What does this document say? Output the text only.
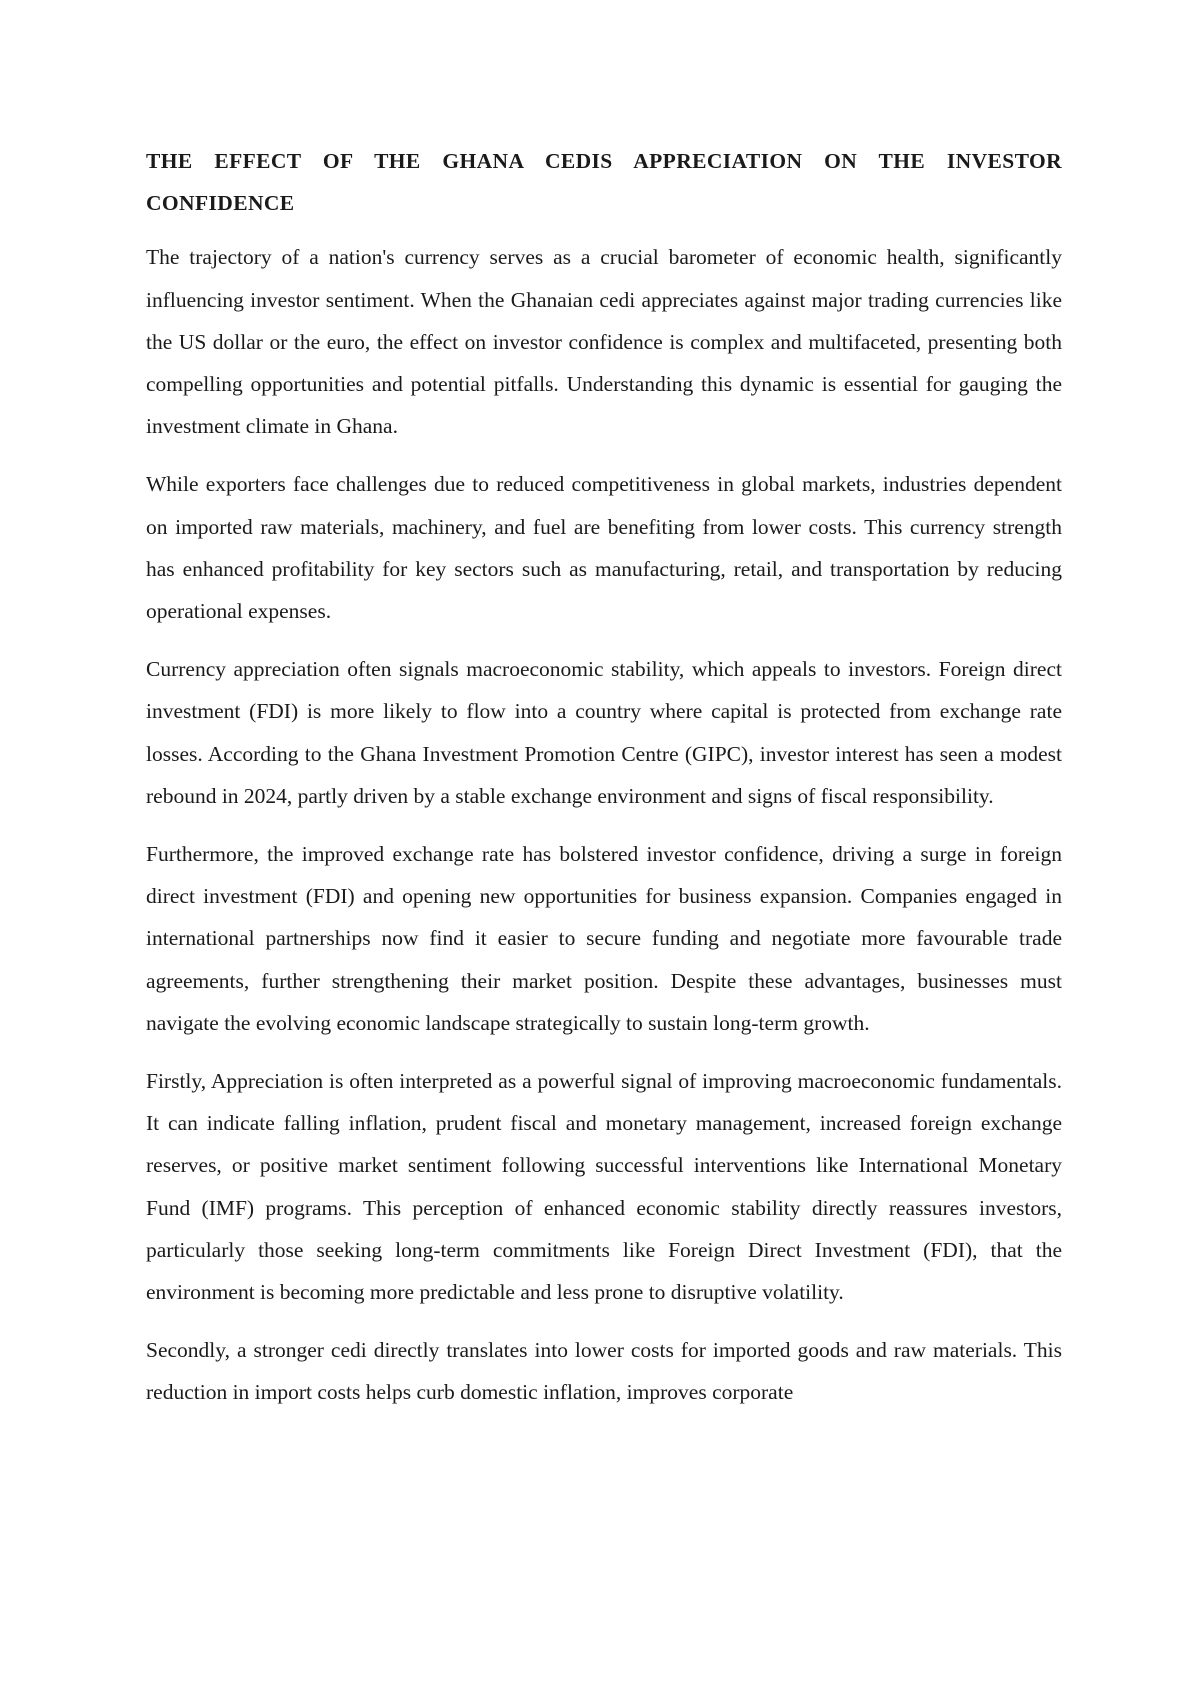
THE EFFECT OF THE GHANA CEDIS APPRECIATION ON THE INVESTOR CONFIDENCE

The trajectory of a nation's currency serves as a crucial barometer of economic health, significantly influencing investor sentiment. When the Ghanaian cedi appreciates against major trading currencies like the US dollar or the euro, the effect on investor confidence is complex and multifaceted, presenting both compelling opportunities and potential pitfalls. Understanding this dynamic is essential for gauging the investment climate in Ghana.

While exporters face challenges due to reduced competitiveness in global markets, industries dependent on imported raw materials, machinery, and fuel are benefiting from lower costs. This currency strength has enhanced profitability for key sectors such as manufacturing, retail, and transportation by reducing operational expenses.

Currency appreciation often signals macroeconomic stability, which appeals to investors. Foreign direct investment (FDI) is more likely to flow into a country where capital is protected from exchange rate losses. According to the Ghana Investment Promotion Centre (GIPC), investor interest has seen a modest rebound in 2024, partly driven by a stable exchange environment and signs of fiscal responsibility.

Furthermore, the improved exchange rate has bolstered investor confidence, driving a surge in foreign direct investment (FDI) and opening new opportunities for business expansion. Companies engaged in international partnerships now find it easier to secure funding and negotiate more favourable trade agreements, further strengthening their market position. Despite these advantages, businesses must navigate the evolving economic landscape strategically to sustain long-term growth.

Firstly, Appreciation is often interpreted as a powerful signal of improving macroeconomic fundamentals. It can indicate falling inflation, prudent fiscal and monetary management, increased foreign exchange reserves, or positive market sentiment following successful interventions like International Monetary Fund (IMF) programs. This perception of enhanced economic stability directly reassures investors, particularly those seeking long-term commitments like Foreign Direct Investment (FDI), that the environment is becoming more predictable and less prone to disruptive volatility.

Secondly, a stronger cedi directly translates into lower costs for imported goods and raw materials. This reduction in import costs helps curb domestic inflation, improves corporate
